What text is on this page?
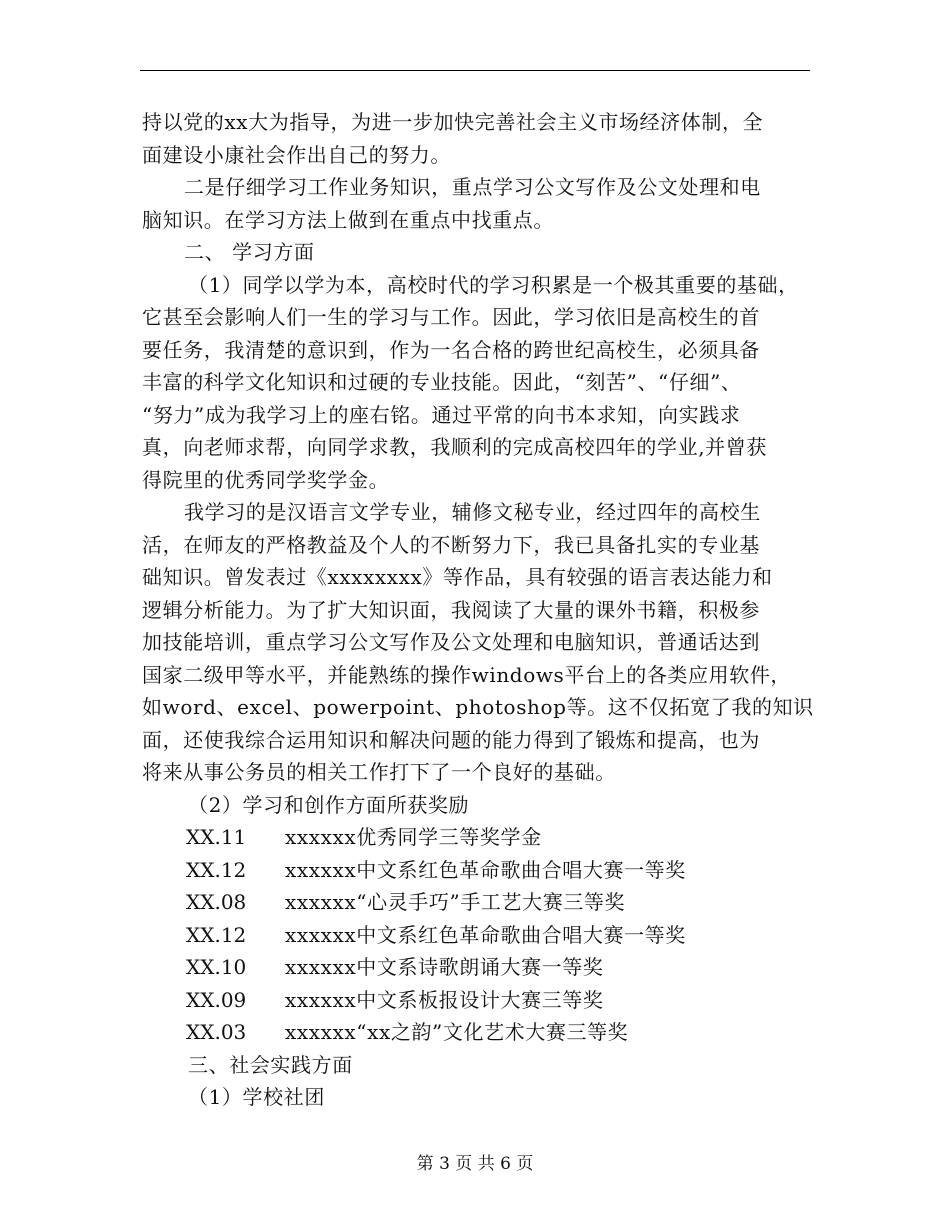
持以党的xx大为指导，为进一步加快完善社会主义市场经济体制，全
面建设小康社会作出自己的努力。
二是仔细学习工作业务知识，重点学习公文写作及公文处理和电
脑知识。在学习方法上做到在重点中找重点。
二、 学习方面
（1）同学以学为本，高校时代的学习积累是一个极其重要的基础，
它甚至会影响人们一生的学习与工作。因此，学习依旧是高校生的首
要任务，我清楚的意识到，作为一名合格的跨世纪高校生，必须具备
丰富的科学文化知识和过硬的专业技能。因此，“刻苦”、“仔细”、
“努力”成为我学习上的座右铭。通过平常的向书本求知，向实践求
真，向老师求帮，向同学求教，我顺利的完成高校四年的学业,并曾获
得院里的优秀同学奖学金。
我学习的是汉语言文学专业，辅修文秘专业，经过四年的高校生
活，在师友的严格教益及个人的不断努力下，我已具备扎实的专业基
础知识。曾发表过《xxxxxxxx》等作品，具有较强的语言表达能力和
逻辑分析能力。为了扩大知识面，我阅读了大量的课外书籍，积极参
加技能培训，重点学习公文写作及公文处理和电脑知识，普通话达到
国家二级甲等水平，并能熟练的操作windows平台上的各类应用软件，
如word、excel、powerpoint、photoshop等。这不仅拓宽了我的知识
面，还使我综合运用知识和解决问题的能力得到了锻炼和提高，也为
将来从事公务员的相关工作打下了一个良好的基础。
（2）学习和创作方面所获奖励
XX.11	xxxxxx优秀同学三等奖学金
XX.12	xxxxxx中文系红色革命歌曲合唱大赛一等奖
XX.08	xxxxxx“心灵手巧”手工艺大赛三等奖
XX.12	xxxxxx中文系红色革命歌曲合唱大赛一等奖
XX.10	xxxxxx中文系诗歌朗诵大赛一等奖
XX.09	xxxxxx中文系板报设计大赛三等奖
XX.03	xxxxxx“xx之韵”文化艺术大赛三等奖
三、社会实践方面
（1）学校社团
第 3 页 共 6 页
